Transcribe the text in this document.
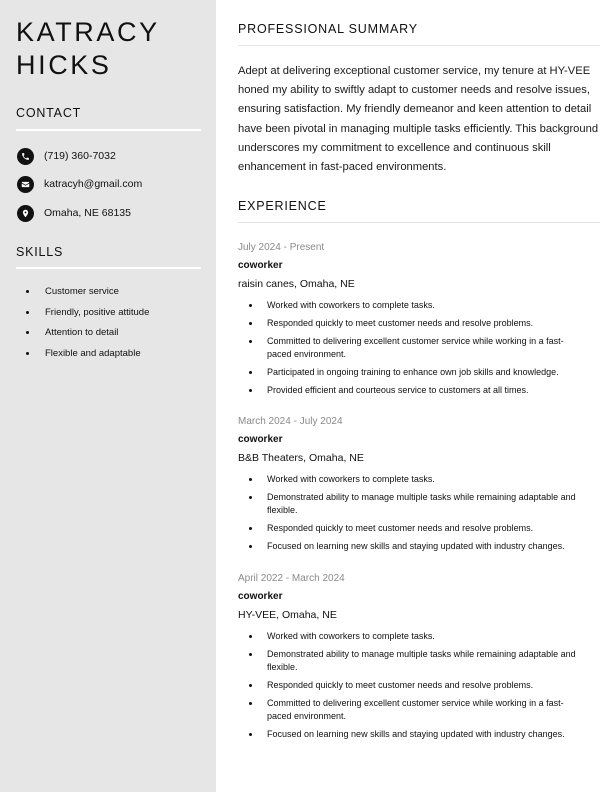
KATRACY
HICKS
CONTACT
(719) 360-7032
katracyh@gmail.com
Omaha, NE 68135
SKILLS
Customer service
Friendly, positive attitude
Attention to detail
Flexible and adaptable
PROFESSIONAL SUMMARY
Adept at delivering exceptional customer service, my tenure at HY-VEE honed my ability to swiftly adapt to customer needs and resolve issues, ensuring satisfaction. My friendly demeanor and keen attention to detail have been pivotal in managing multiple tasks efficiently. This background underscores my commitment to excellence and continuous skill enhancement in fast-paced environments.
EXPERIENCE
July 2024 - Present
coworker
raisin canes, Omaha, NE
Worked with coworkers to complete tasks.
Responded quickly to meet customer needs and resolve problems.
Committed to delivering excellent customer service while working in a fast-paced environment.
Participated in ongoing training to enhance own job skills and knowledge.
Provided efficient and courteous service to customers at all times.
March 2024 - July 2024
coworker
B&B Theaters, Omaha, NE
Worked with coworkers to complete tasks.
Demonstrated ability to manage multiple tasks while remaining adaptable and flexible.
Responded quickly to meet customer needs and resolve problems.
Focused on learning new skills and staying updated with industry changes.
April 2022 - March 2024
coworker
HY-VEE, Omaha, NE
Worked with coworkers to complete tasks.
Demonstrated ability to manage multiple tasks while remaining adaptable and flexible.
Responded quickly to meet customer needs and resolve problems.
Committed to delivering excellent customer service while working in a fast-paced environment.
Focused on learning new skills and staying updated with industry changes.
